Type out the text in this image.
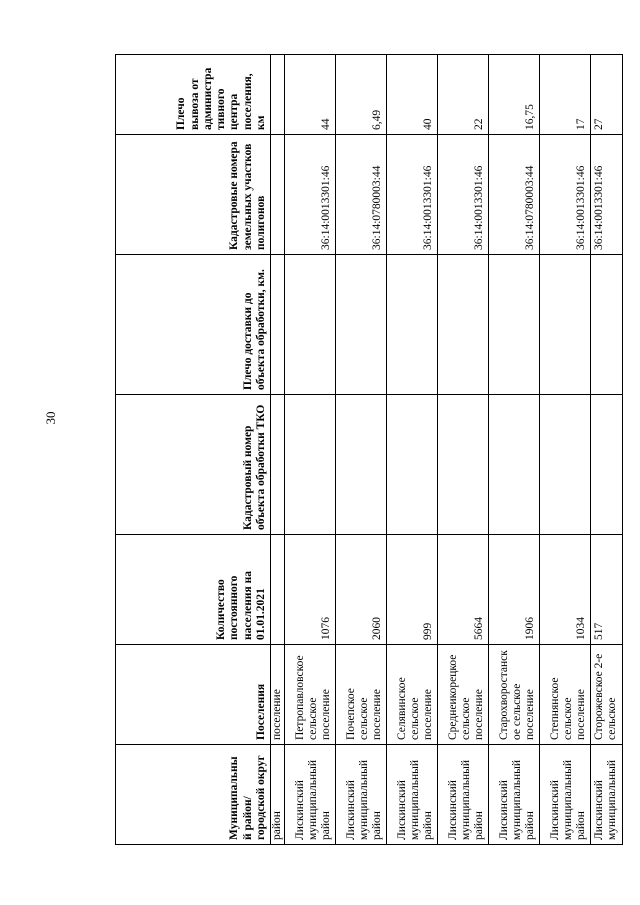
30
Муниципальны й район/ городской округ	Поселения	Количество постоянного населения на 01.01.2021	Кадастровый номер объекта обработки ТКО	Плечо доставки до объекта обработки, км.	Кадастровые номера земельных участков полигонов	Плечо вывоза от администра тивного центра поселения, км
район	поселение					
Лискинский муниципальный район	Петропавловское сельское поселение	1076			36:14:0013301:46	44
Лискинский муниципальный район	Почепское сельское поселение	2060			36:14:0780003:44	6,49
Лискинский муниципальный район	Селявинское сельское поселение	999			36:14:0013301:46	40
Лискинский муниципальный район	Среднеикорецкое сельское поселение	5664			36:14:0013301:46	22
Лискинский муниципальный район	Старохворостанск ое сельское поселение	1906			36:14:0780003:44	16,75
Лискинский муниципальный район	Степнянское сельское поселение	1034			36:14:0013301:46	17
Лискинский муниципальный	Сторожевское 2-е сельское	517			36:14:0013301:46	27
